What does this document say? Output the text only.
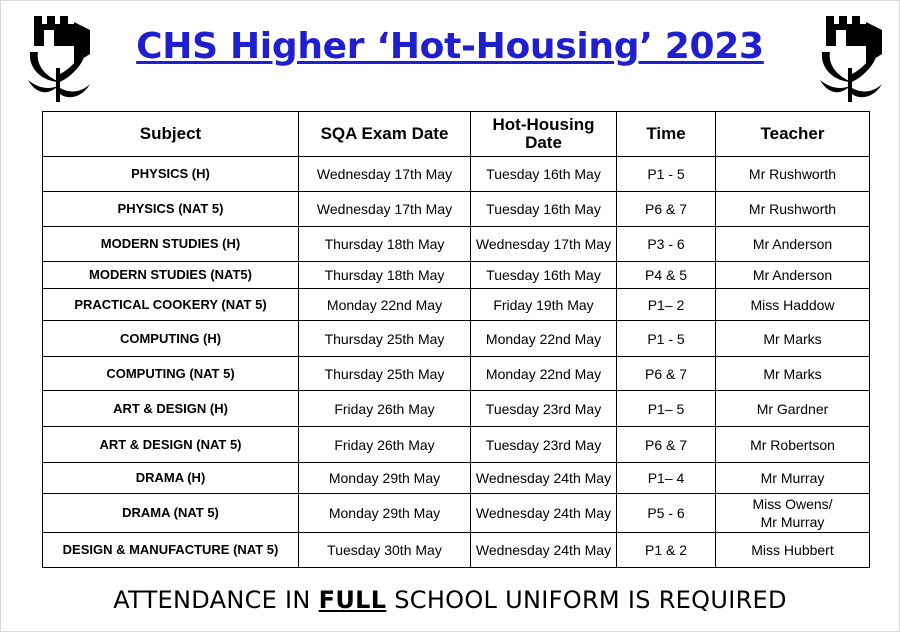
CHS Higher ‘Hot-Housing’ 2023
Subject	SQA Exam Date	Hot-Housing Date	Time	Teacher
PHYSICS (H)	Wednesday 17th May	Tuesday 16th May	P1 - 5	Mr Rushworth
PHYSICS (NAT 5)	Wednesday 17th May	Tuesday 16th May	P6 & 7	Mr Rushworth
MODERN STUDIES (H)	Thursday 18th May	Wednesday 17th May	P3 - 6	Mr Anderson
MODERN STUDIES (NAT5)	Thursday 18th May	Tuesday 16th May	P4 & 5	Mr Anderson
PRACTICAL COOKERY (NAT 5)	Monday 22nd May	Friday 19th May	P1– 2	Miss Haddow
COMPUTING (H)	Thursday 25th May	Monday 22nd May	P1 - 5	Mr Marks
COMPUTING (NAT 5)	Thursday 25th May	Monday 22nd May	P6 & 7	Mr Marks
ART & DESIGN (H)	Friday 26th May	Tuesday 23rd May	P1– 5	Mr Gardner
ART & DESIGN (NAT 5)	Friday 26th May	Tuesday 23rd May	P6 & 7	Mr Robertson
DRAMA (H)	Monday 29th May	Wednesday 24th May	P1– 4	Mr Murray
DRAMA (NAT 5)	Monday 29th May	Wednesday 24th May	P5 - 6	Miss Owens/
Mr Murray
DESIGN & MANUFACTURE (NAT 5)	Tuesday 30th May	Wednesday 24th May	P1 & 2	Miss Hubbert
ATTENDANCE IN FULL SCHOOL UNIFORM IS REQUIRED
